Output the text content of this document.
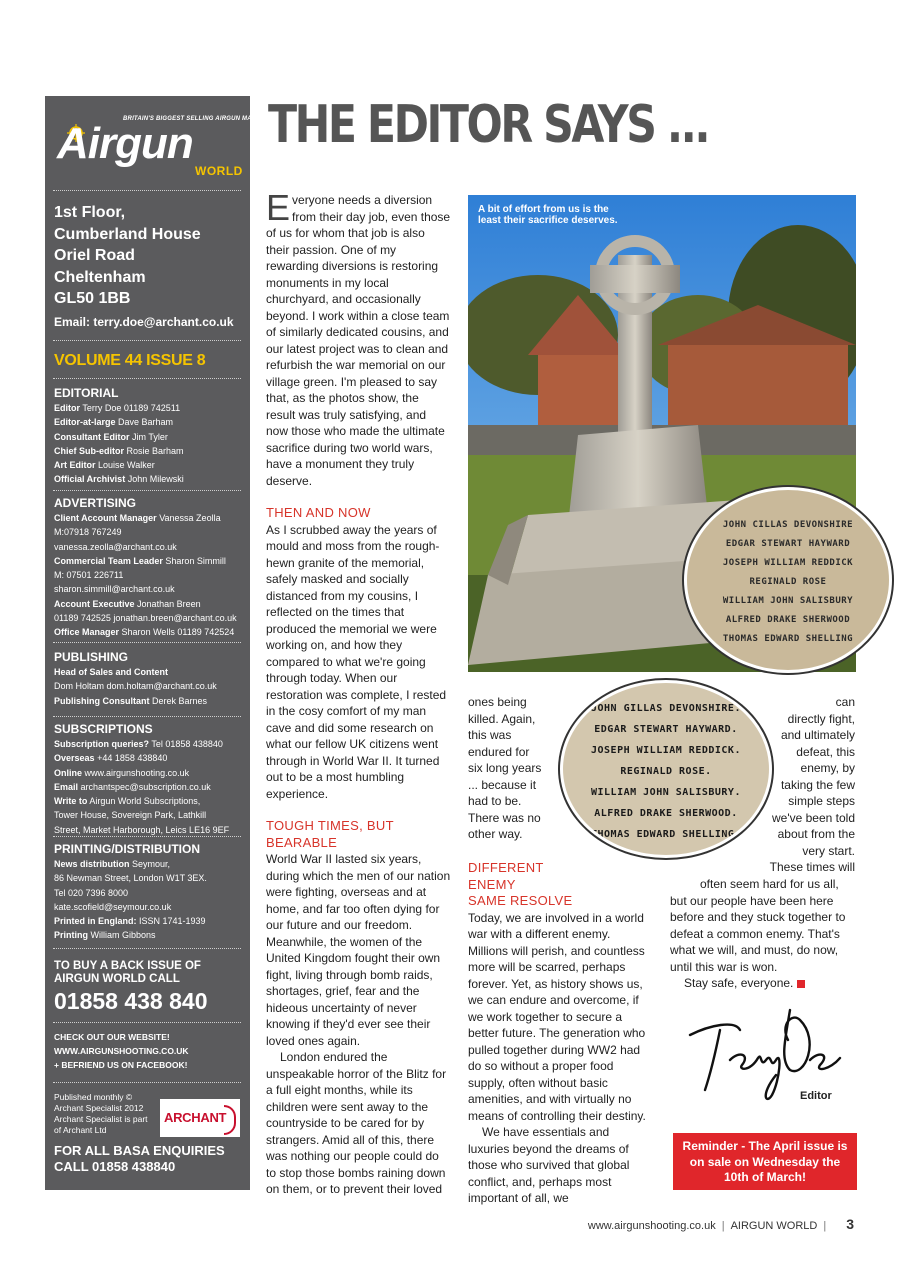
BRITAIN'S BIGGEST SELLING AIRGUN MAGAZINE
Airgun
WORLD
1st Floor,
Cumberland House
Oriel Road
Cheltenham
GL50 1BB
Email: terry.doe@archant.co.uk
VOLUME 44 ISSUE 8
EDITORIAL
Editor Terry Doe 01189 742511
Editor-at-large Dave Barham
Consultant Editor Jim Tyler
Chief Sub-editor Rosie Barham
Art Editor Louise Walker
Official Archivist John Milewski
ADVERTISING
Client Account Manager Vanessa Zeolla
M:07918 767249
vanessa.zeolla@archant.co.uk
Commercial Team Leader Sharon Simmill
M: 07501 226711
sharon.simmill@archant.co.uk
Account Executive Jonathan Breen
01189 742525 jonathan.breen@archant.co.uk
Office Manager Sharon Wells 01189 742524
PUBLISHING
Head of Sales and Content
Dom Holtam dom.holtam@archant.co.uk
Publishing Consultant Derek Barnes
SUBSCRIPTIONS
Subscription queries? Tel 01858 438840
Overseas +44 1858 438840
Online www.airgunshooting.co.uk
Email archantspec@subscription.co.uk
Write to Airgun World Subscriptions,
Tower House, Sovereign Park, Lathkill
Street, Market Harborough, Leics LE16 9EF
PRINTING/DISTRIBUTION
News distribution Seymour,
86 Newman Street, London W1T 3EX.
Tel 020 7396 8000
kate.scofield@seymour.co.uk
Printed in England: ISSN 1741-1939
Printing William Gibbons
TO BUY A BACK ISSUE OF
AIRGUN WORLD CALL
01858 438 840
CHECK OUT OUR WEBSITE!
WWW.AIRGUNSHOOTING.CO.UK
+ BEFRIEND US ON FACEBOOK!
Published monthly ©
Archant Specialist 2012
Archant Specialist is part
of Archant Ltd
ARCHANT
FOR ALL BASA ENQUIRIES
CALL 01858 438840
THE EDITOR SAYS ...

Everyone needs a diversion from their day job, even those of us for whom that job is also their passion. One of my rewarding diversions is restoring monuments in my local churchyard, and occasionally beyond. I work within a close team of similarly dedicated cousins, and our latest project was to clean and refurbish the war memorial on our village green. I'm pleased to say that, as the photos show, the result was truly satisfying, and now those who made the ultimate sacrifice during two world wars, have a monument they truly deserve.

THEN AND NOW

As I scrubbed away the years of mould and moss from the rough-hewn granite of the memorial, safely masked and socially distanced from my cousins, I reflected on the times that produced the memorial we were working on, and how they compared to what we're going through today. When our restoration was complete, I rested in the cosy comfort of my man cave and did some research on what our fellow UK citizens went through in World War II. It turned out to be a most humbling experience.

TOUGH TIMES, BUT
BEARABLE

World War II lasted six years, during which the men of our nation were fighting, overseas and at home, and far too often dying for our future and our freedom. Meanwhile, the women of the United Kingdom fought their own fight, living through bomb raids, shortages, grief, fear and the hideous uncertainty of never knowing if they'd ever see their loved ones again.

London endured the unspeakable horror of the Blitz for a full eight months, while its children were sent away to the countryside to be cared for by strangers. Amid all of this, there was nothing our people could do to stop those bombs raining down on them, or to prevent their loved

A bit of effort from us is the least their sacrifice deserves.
JOHN CILLAS DEVONSHIRE
EDGAR STEWART HAYWARD
JOSEPH WILLIAM REDDICK
REGINALD ROSE
WILLIAM JOHN SALISBURY
ALFRED DRAKE SHERWOOD
THOMAS EDWARD SHELLING

ones being

killed. Again,

this was

endured for

six long years

... because it

had to be.

There was no

other way.

JOHN GILLAS DEVONSHIRE.
EDGAR STEWART HAYWARD.
JOSEPH WILLIAM REDDICK.
REGINALD ROSE.
WILLIAM JOHN SALISBURY.
ALFRED DRAKE SHERWOOD.
THOMAS EDWARD SHELLING.

can

directly fight,

and ultimately

defeat, this

enemy, by

taking the few

simple steps

we've been told

about from the

very start.

These times will

DIFFERENT
ENEMY
SAME RESOLVE

Today, we are involved in a world war with a different enemy. Millions will perish, and countless more will be scarred, perhaps forever. Yet, as history shows us, we can endure and overcome, if we work together to secure a better future. The generation who pulled together during WW2 had do so without a proper food supply, often without basic amenities, and with virtually no means of controlling their destiny.

We have essentials and luxuries beyond the dreams of those who survived that global conflict, and, perhaps most important of all, we

often seem hard for us all, but our people have been here before and they stuck together to defeat a common enemy. That's what we will, and must, do now, until this war is won.

Stay safe, everyone.

Editor
Reminder - The April issue is
on sale on Wednesday the
10th of March!
www.airgunshooting.co.uk | AIRGUN WORLD | 3
